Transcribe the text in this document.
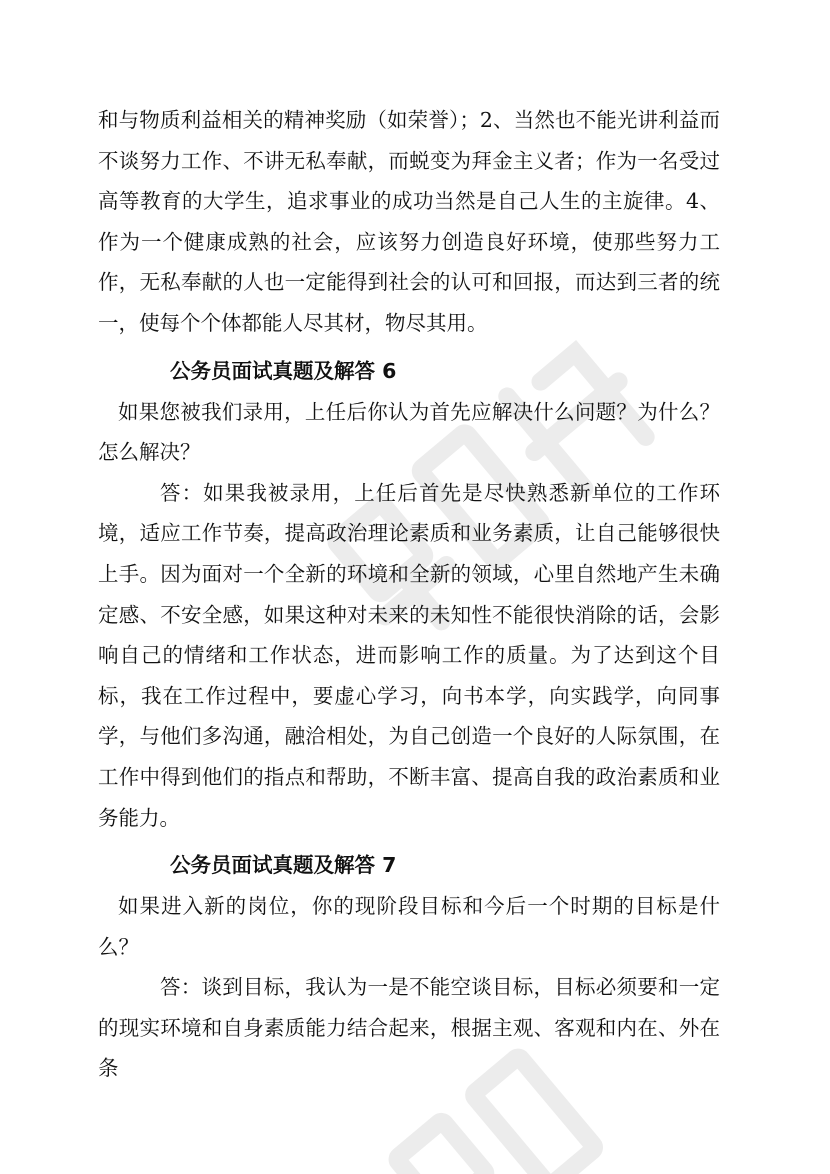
和与物质利益相关的精神奖励（如荣誉）；2、当然也不能光讲利益而不谈努力工作、不讲无私奉献，而蜕变为拜金主义者；作为一名受过高等教育的大学生，追求事业的成功当然是自己人生的主旋律。4、作为一个健康成熟的社会，应该努力创造良好环境，使那些努力工作，无私奉献的人也一定能得到社会的认可和回报，而达到三者的统一，使每个个体都能人尽其材，物尽其用。

公务员面试真题及解答 6

如果您被我们录用，上任后你认为首先应解决什么问题？为什么？怎么解决？

答：如果我被录用，上任后首先是尽快熟悉新单位的工作环境，适应工作节奏，提高政治理论素质和业务素质，让自己能够很快上手。因为面对一个全新的环境和全新的领域，心里自然地产生未确定感、不安全感，如果这种对未来的未知性不能很快消除的话，会影响自己的情绪和工作状态，进而影响工作的质量。为了达到这个目标，我在工作过程中，要虚心学习，向书本学，向实践学，向同事学，与他们多沟通，融洽相处，为自己创造一个良好的人际氛围，在工作中得到他们的指点和帮助，不断丰富、提高自我的政治素质和业务能力。

公务员面试真题及解答 7

如果进入新的岗位，你的现阶段目标和今后一个时期的目标是什么？

答：谈到目标，我认为一是不能空谈目标，目标必须要和一定的现实环境和自身素质能力结合起来，根据主观、客观和内在、外在条
